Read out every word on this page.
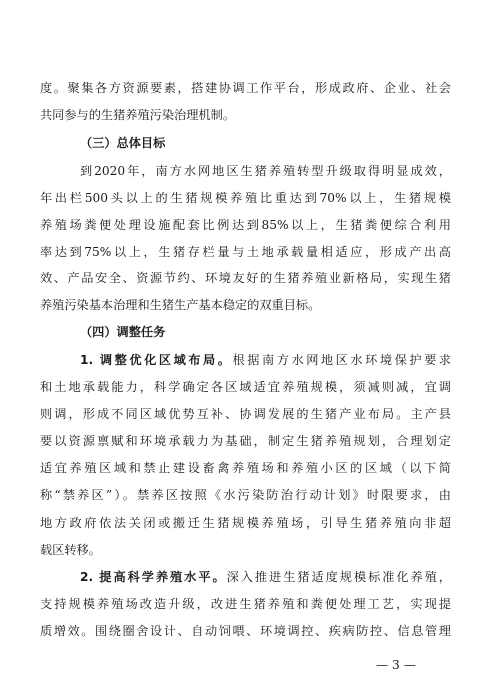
度。聚集各方资源要素，搭建协调工作平台，形成政府、企业、社会
共同参与的生猪养殖污染治理机制。
（三）总体目标
到2020年，南方水网地区生猪养殖转型升级取得明显成效，
年出栏500头以上的生猪规模养殖比重达到70%以上，生猪规模
养殖场粪便处理设施配套比例达到85%以上，生猪粪便综合利用
率达到75%以上，生猪存栏量与土地承载量相适应，形成产出高
效、产品安全、资源节约、环境友好的生猪养殖业新格局，实现生猪
养殖污染基本治理和生猪生产基本稳定的双重目标。
（四）调整任务
1. 调整优化区域布局。根据南方水网地区水环境保护要求
和土地承载能力，科学确定各区域适宜养殖规模，须减则减，宜调
则调，形成不同区域优势互补、协调发展的生猪产业布局。主产县
要以资源禀赋和环境承载力为基础，制定生猪养殖规划，合理划定
适宜养殖区域和禁止建设畜禽养殖场和养殖小区的区域（以下简
称“禁养区”）。禁养区按照《水污染防治行动计划》时限要求，由
地方政府依法关闭或搬迁生猪规模养殖场，引导生猪养殖向非超
载区转移。
2. 提高科学养殖水平。深入推进生猪适度规模标准化养殖，
支持规模养殖场改造升级，改进生猪养殖和粪便处理工艺，实现提
质增效。围绕圈舍设计、自动饲喂、环境调控、疾病防控、信息管理
— 3 —
